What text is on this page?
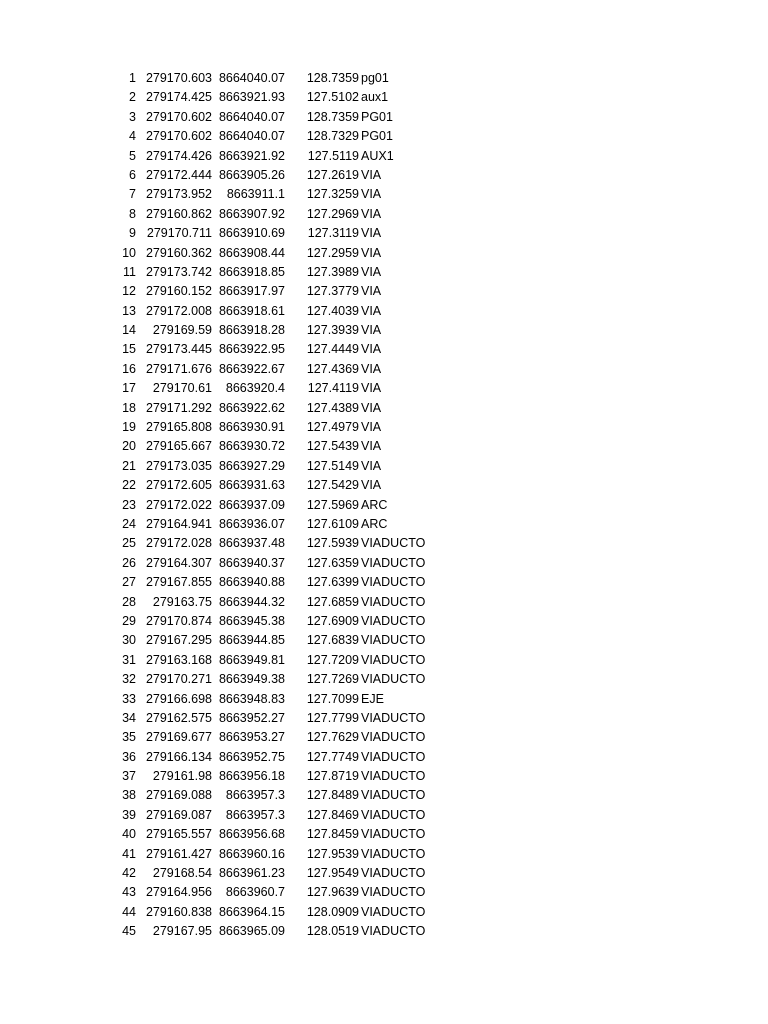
1 279170.603 8664040.07 128.7359 pg01
2 279174.425 8663921.93 127.5102 aux1
3 279170.602 8664040.07 128.7359 PG01
4 279170.602 8664040.07 128.7329 PG01
5 279174.426 8663921.92 127.5119 AUX1
6 279172.444 8663905.26 127.2619 VIA
7 279173.952 8663911.1 127.3259 VIA
8 279160.862 8663907.92 127.2969 VIA
9 279170.711 8663910.69 127.3119 VIA
10 279160.362 8663908.44 127.2959 VIA
11 279173.742 8663918.85 127.3989 VIA
12 279160.152 8663917.97 127.3779 VIA
13 279172.008 8663918.61 127.4039 VIA
14 279169.59 8663918.28 127.3939 VIA
15 279173.445 8663922.95 127.4449 VIA
16 279171.676 8663922.67 127.4369 VIA
17 279170.61 8663920.4 127.4119 VIA
18 279171.292 8663922.62 127.4389 VIA
19 279165.808 8663930.91 127.4979 VIA
20 279165.667 8663930.72 127.5439 VIA
21 279173.035 8663927.29 127.5149 VIA
22 279172.605 8663931.63 127.5429 VIA
23 279172.022 8663937.09 127.5969 ARC
24 279164.941 8663936.07 127.6109 ARC
25 279172.028 8663937.48 127.5939 VIADUCTO
26 279164.307 8663940.37 127.6359 VIADUCTO
27 279167.855 8663940.88 127.6399 VIADUCTO
28 279163.75 8663944.32 127.6859 VIADUCTO
29 279170.874 8663945.38 127.6909 VIADUCTO
30 279167.295 8663944.85 127.6839 VIADUCTO
31 279163.168 8663949.81 127.7209 VIADUCTO
32 279170.271 8663949.38 127.7269 VIADUCTO
33 279166.698 8663948.83 127.7099 EJE
34 279162.575 8663952.27 127.7799 VIADUCTO
35 279169.677 8663953.27 127.7629 VIADUCTO
36 279166.134 8663952.75 127.7749 VIADUCTO
37 279161.98 8663956.18 127.8719 VIADUCTO
38 279169.088 8663957.3 127.8489 VIADUCTO
39 279169.087 8663957.3 127.8469 VIADUCTO
40 279165.557 8663956.68 127.8459 VIADUCTO
41 279161.427 8663960.16 127.9539 VIADUCTO
42 279168.54 8663961.23 127.9549 VIADUCTO
43 279164.956 8663960.7 127.9639 VIADUCTO
44 279160.838 8663964.15 128.0909 VIADUCTO
45 279167.95 8663965.09 128.0519 VIADUCTO
